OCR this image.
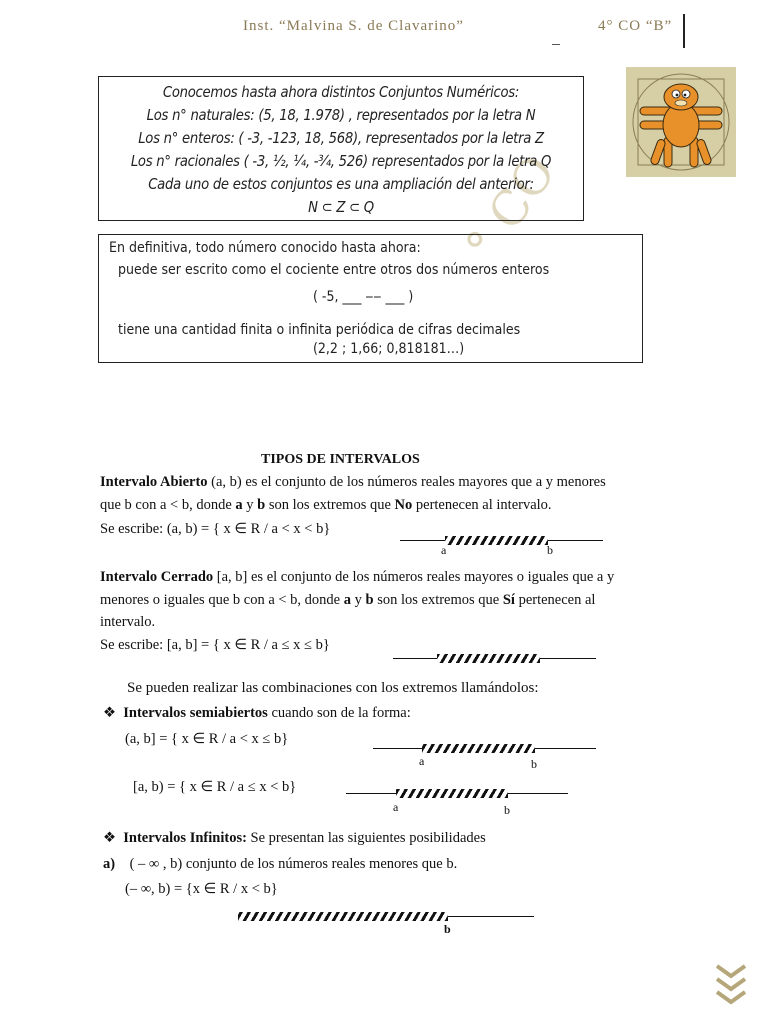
Inst. “Malvina S. de Clavarino”	4° CO “B”
° CO
Conocemos hasta ahora distintos Conjuntos Numéricos:
Los n° naturales: (5, 18, 1.978) , representados por la letra N
Los n° enteros: ( -3, -123, 18, 568), representados por la letra Z
Los n° racionales ( -3, ½, ¼, -¾, 526) representados por la letra Q
Cada uno de estos conjuntos es una ampliación del anterior:
N ⊂ Z ⊂ Q
En definitiva, todo número conocido hasta ahora:
puede ser escrito como el cociente entre otros dos números enteros
( -5, ___ ‒‒ ___ )
tiene una cantidad finita o infinita periódica de cifras decimales
(2,2 ; 1,66; 0,818181…)
TIPOS DE INTERVALOS
Intervalo Abierto (a, b) es el conjunto de los números reales mayores que a y menores
que b con a < b, donde a y b son los extremos que No pertenecen al intervalo.
Se escribe: (a, b) = { x ∈ R / a < x < b}
a	b
Intervalo Cerrado [a, b] es el conjunto de los números reales mayores o iguales que a y
menores o iguales que b con a < b, donde a y b son los extremos que Sí pertenecen al
intervalo.
Se escribe: [a, b] = { x ∈ R / a ≤ x ≤ b}
Se pueden realizar las combinaciones con los extremos llamándolos:
❖ Intervalos semiabiertos cuando son de la forma:
(a, b] = { x ∈ R / a < x ≤ b}
a	b
[a, b) = { x ∈ R / a ≤ x < b}
a	b
❖ Intervalos Infinitos: Se presentan las siguientes posibilidades
a) ( – ∞ , b) conjunto de los números reales menores que b.
(– ∞, b) = {x ∈ R / x < b}
b
